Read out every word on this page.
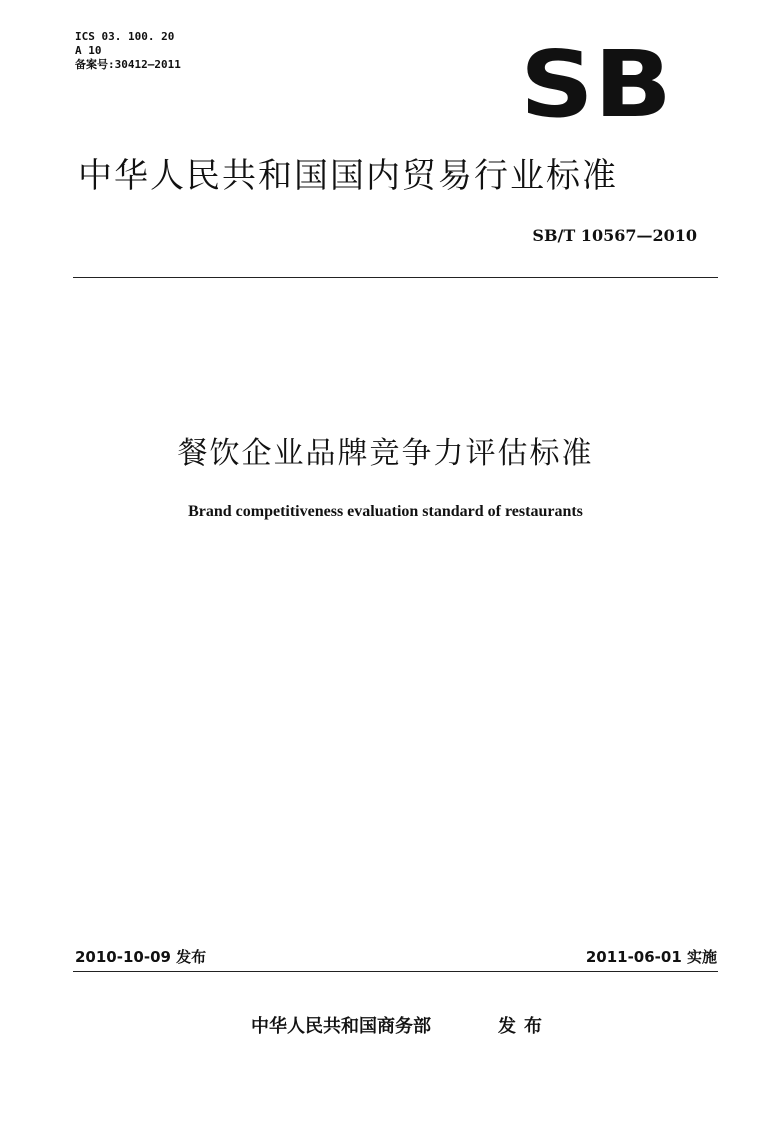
ICS 03. 100. 20
A 10
备案号:30412—2011	SB
中华人民共和国国内贸易行业标准
SB/T 10567—2010
餐饮企业品牌竞争力评估标准
Brand competitiveness evaluation standard of restaurants
2010-10-09 发布	2011-06-01 实施
中华人民共和国商务部	发布
